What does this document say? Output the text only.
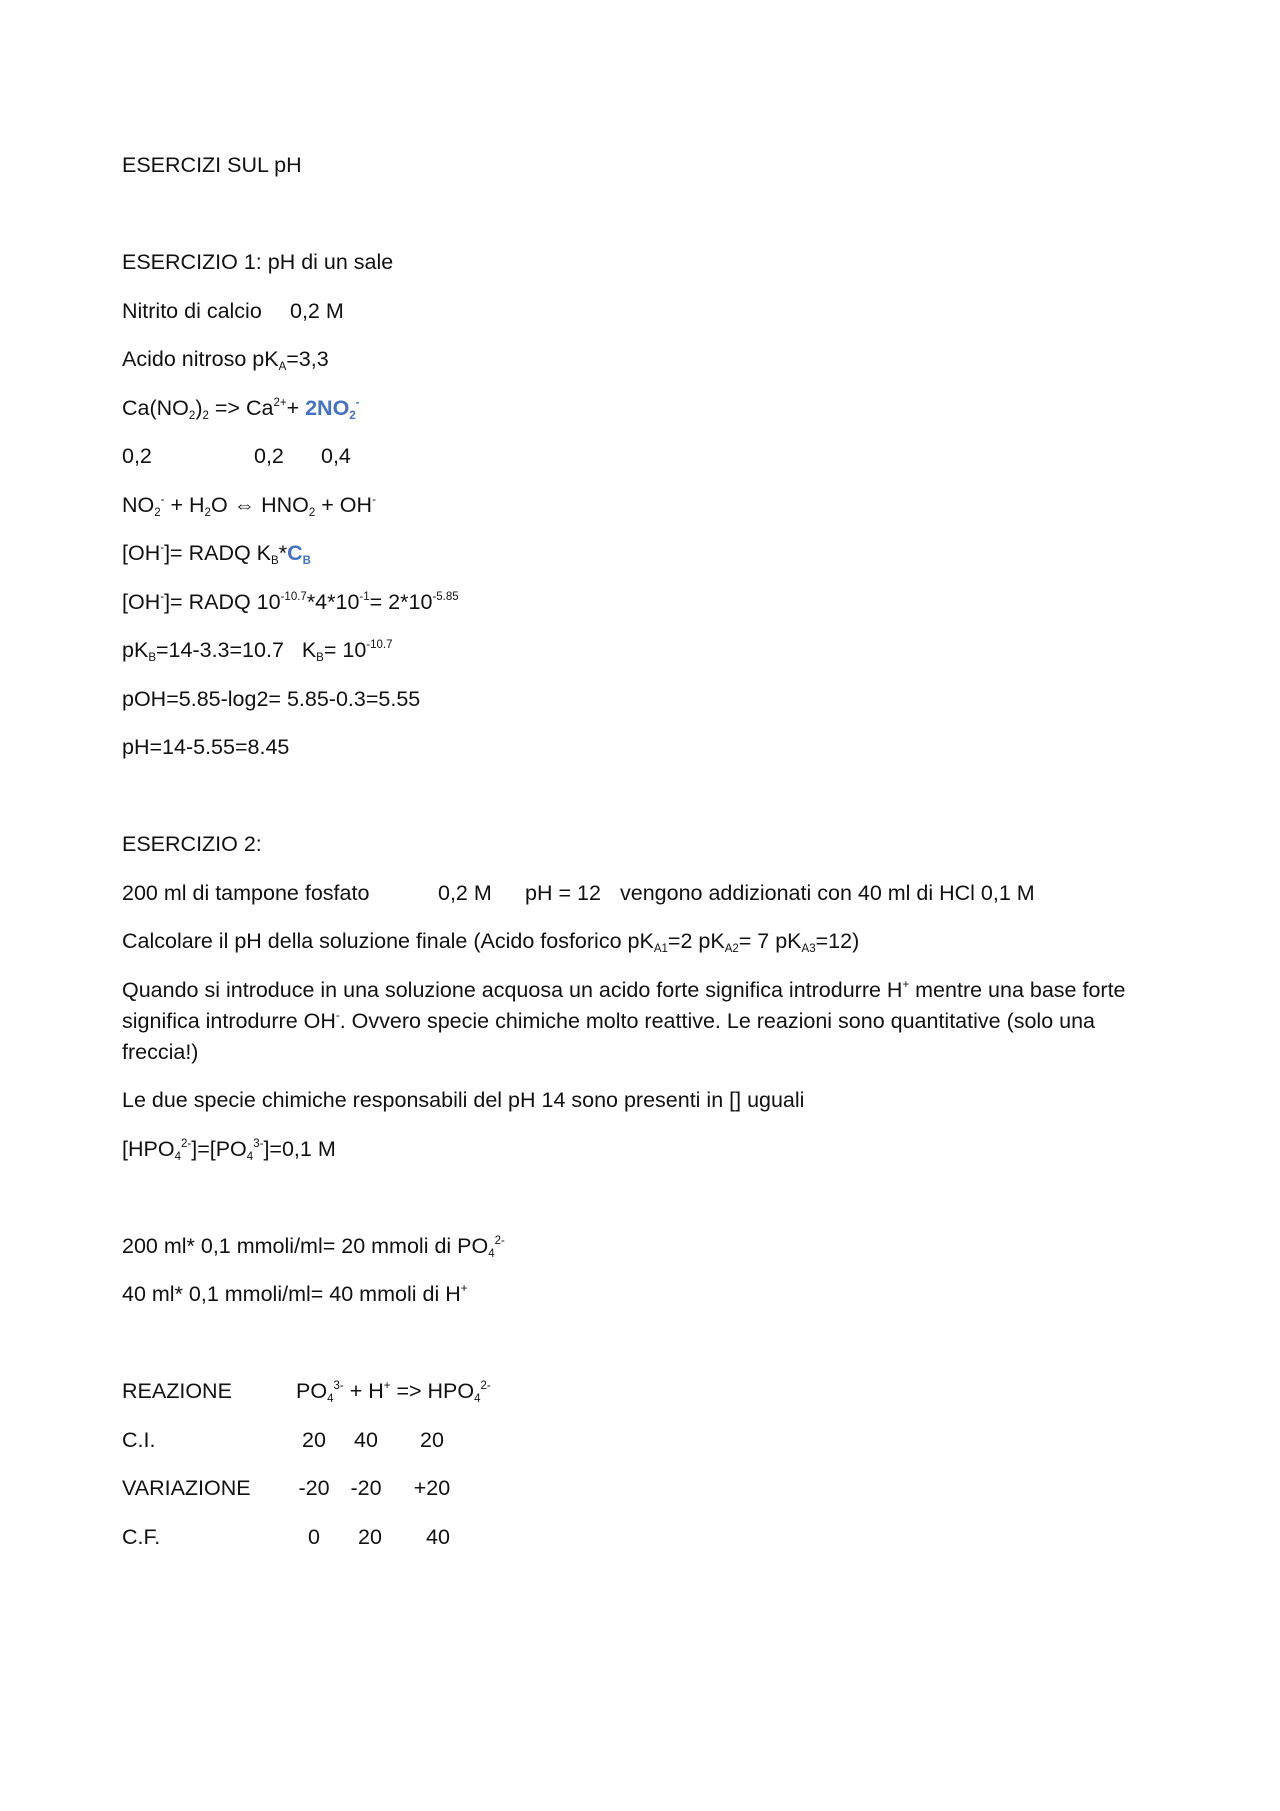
ESERCIZI SUL pH

ESERCIZIO 1: pH di un sale

Nitrito di calcio 0,2 M

Acido nitroso $pK_A=3,3$

$Ca(NO_2)_2 => Ca^{2+}+ 2NO_2^-$

0,2	0,2 0,4

$NO_2^- + H_2O$ ⇔ $HNO_2 + OH^-$

[OH-]= RADQ $K_B*C_B$

[OH-]= RADQ $10^{-10.7}*4*10^{-1}= 2*10^{-5.85}$

$pK_B=14-3.3=10.7$   $K_B= 10^{-10.7}$

pOH=5.85-log2= 5.85-0.3=5.55

pH=14-5.55=8.45

ESERCIZIO 2:

200 ml di tampone fosfato	0,2 M pH = 12 vengono addizionati con 40 ml di HCl 0,1 M

Calcolare il pH della soluzione finale (Acido fosforico $pK_{A1}=2$ $pK_{A2}= 7$ $pK_{A3}=12$)

Quando si introduce in una soluzione acquosa un acido forte significa introdurre H+ mentre una base forte significa introdurre OH-. Ovvero specie chimiche molto reattive. Le reazioni sono quantitative (solo una freccia!)

Le due specie chimiche responsabili del pH 14 sono presenti in [] uguali

$[HPO_4^{2-}]=[PO_4^{3-}]=0,1$ M

200 ml* 0,1 mmoli/ml= 20 mmoli di $PO_4^{2-}$

40 ml* 0,1 mmoli/ml= 40 mmoli di H+

REAZIONE	$PO_4^{3-} + H^+ => HPO_4^{2-}$
C.I.	20 40 20
VARIAZIONE	-20 -20 +20
C.F.	0 20 40
